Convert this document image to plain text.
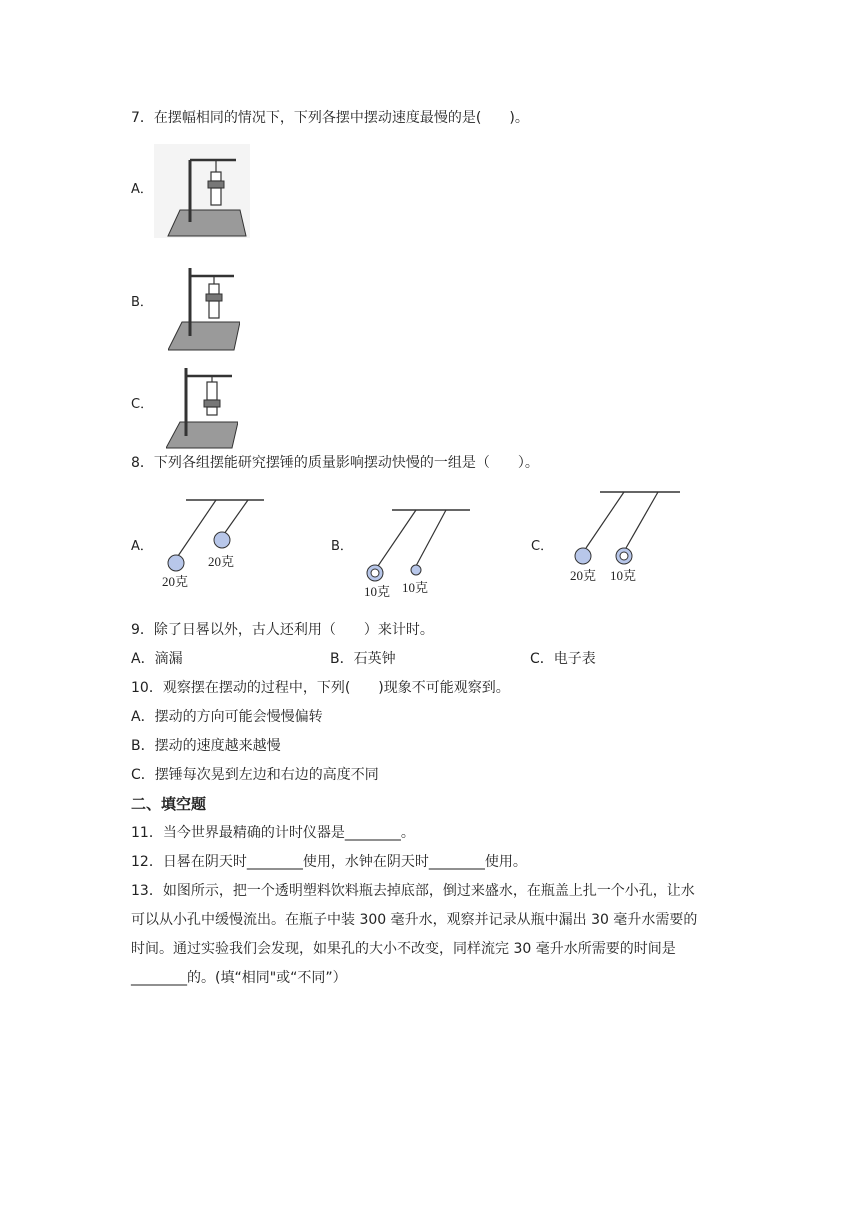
7．在摆幅相同的情况下，下列各摆中摆动速度最慢的是(　　)。
A．
B．
C．
8．下列各组摆能研究摆锤的质量影响摆动快慢的一组是（　　）。
A．
20克
20克
B．
10克 10克
C．
20克 10克
9．除了日晷以外，古人还利用（　　）来计时。
A．滴漏	B．石英钟	C．电子表
10．观察摆在摆动的过程中，下列(　　)现象不可能观察到。
A．摆动的方向可能会慢慢偏转
B．摆动的速度越来越慢
C．摆锤每次晃到左边和右边的高度不同
二、填空题
11．当今世界最精确的计时仪器是________。
12．日晷在阴天时________使用，水钟在阴天时________使用。
13．如图所示，把一个透明塑料饮料瓶去掉底部，倒过来盛水，在瓶盖上扎一个小孔，让水
可以从小孔中缓慢流出。在瓶子中装 300 毫升水，观察并记录从瓶中漏出 30 毫升水需要的
时间。通过实验我们会发现，如果孔的大小不改变，同样流完 30 毫升水所需要的时间是
________的。(填“相同"或“不同”）
